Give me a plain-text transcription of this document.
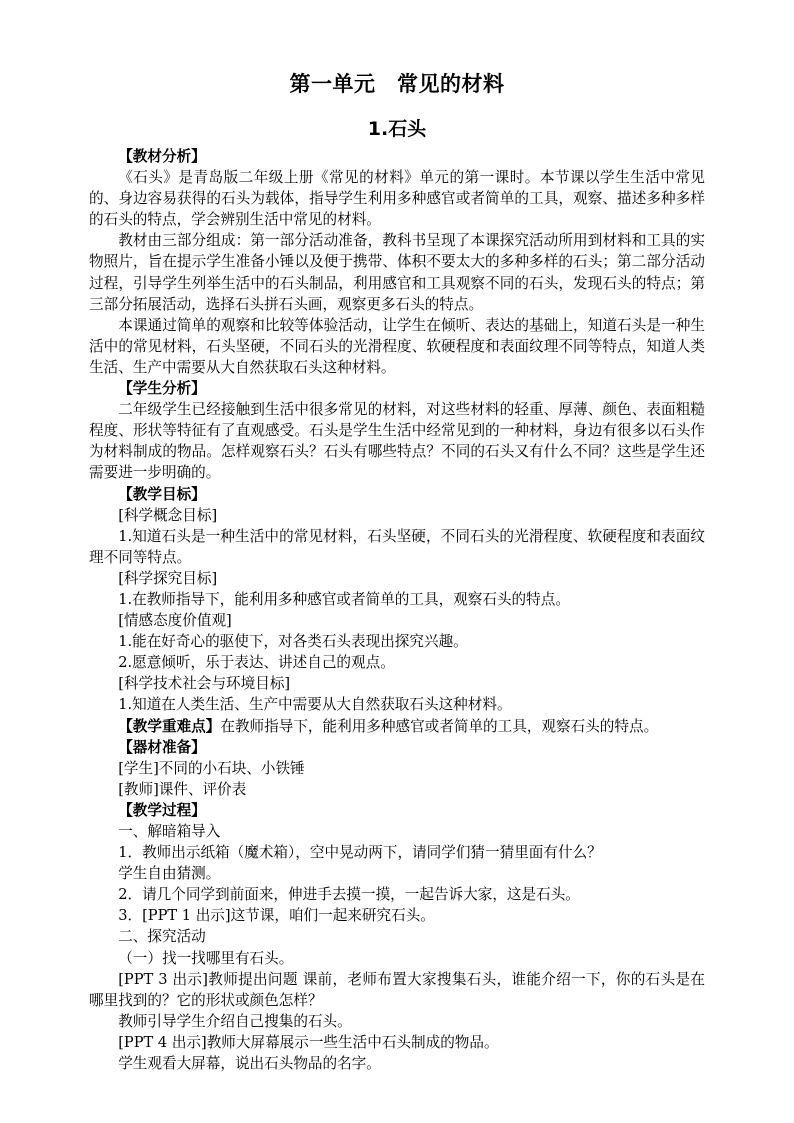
第一单元　常见的材料
1.石头

【教材分析】

《石头》是青岛版二年级上册《常见的材料》单元的第一课时。本节课以学生生活中常见的、身边容易获得的石头为载体，指导学生利用多种感官或者简单的工具，观察、描述多种多样的石头的特点，学会辨别生活中常见的材料。

教材由三部分组成：第一部分活动准备，教科书呈现了本课探究活动所用到材料和工具的实物照片，旨在提示学生准备小锤以及便于携带、体积不要太大的多种多样的石头；第二部分活动过程，引导学生列举生活中的石头制品，利用感官和工具观察不同的石头，发现石头的特点；第三部分拓展活动，选择石头拼石头画，观察更多石头的特点。

本课通过简单的观察和比较等体验活动，让学生在倾听、表达的基础上，知道石头是一种生活中的常见材料，石头坚硬，不同石头的光滑程度、软硬程度和表面纹理不同等特点，知道人类生活、生产中需要从大自然获取石头这种材料。

【学生分析】

二年级学生已经接触到生活中很多常见的材料，对这些材料的轻重、厚薄、颜色、表面粗糙程度、形状等特征有了直观感受。石头是学生生活中经常见到的一种材料，身边有很多以石头作为材料制成的物品。怎样观察石头？石头有哪些特点？不同的石头又有什么不同？这些是学生还需要进一步明确的。

【教学目标】

[科学概念目标]

1.知道石头是一种生活中的常见材料，石头坚硬，不同石头的光滑程度、软硬程度和表面纹理不同等特点。

[科学探究目标]

1.在教师指导下，能利用多种感官或者简单的工具，观察石头的特点。

[情感态度价值观]

1.能在好奇心的驱使下，对各类石头表现出探究兴趣。

2.愿意倾听，乐于表达、讲述自己的观点。

[科学技术社会与环境目标]

1.知道在人类生活、生产中需要从大自然获取石头这种材料。

【教学重难点】在教师指导下，能利用多种感官或者简单的工具，观察石头的特点。

【器材准备】

[学生]不同的小石块、小铁锤

[教师]课件、评价表

【教学过程】

一、解暗箱导入

1．教师出示纸箱（魔术箱），空中晃动两下，请同学们猜一猜里面有什么？

学生自由猜测。

2．请几个同学到前面来，伸进手去摸一摸，一起告诉大家，这是石头。

3．[PPT 1 出示]这节课，咱们一起来研究石头。

二、探究活动

（一）找一找哪里有石头。

[PPT 3 出示]教师提出问题 课前，老师布置大家搜集石头，谁能介绍一下，你的石头是在哪里找到的？它的形状或颜色怎样？

教师引导学生介绍自己搜集的石头。

[PPT 4 出示]教师大屏幕展示一些生活中石头制成的物品。

学生观看大屏幕，说出石头物品的名字。
